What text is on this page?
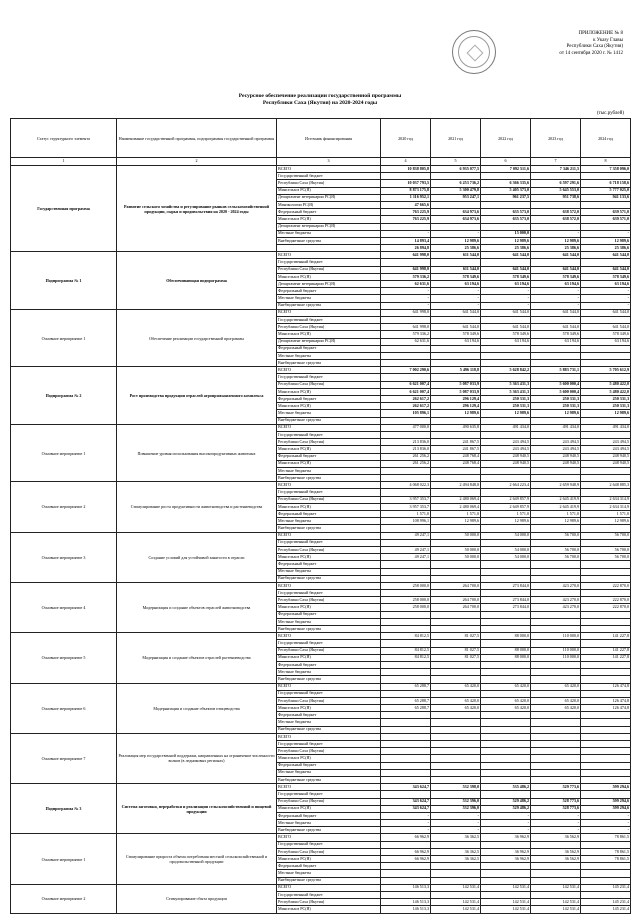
ПРИЛОЖЕНИЕ № 8
к Указу Главы
Республики Саха (Якутия)
от 14 сентября 2020 г. № 1412
Ресурсное обеспечение реализации государственной программы
Республики Саха (Якутия) на 2020-2024 годы
(тыс.рублей)
Статус структурного элемента	Наименование государственной программы, подпрограммы государственной программы	Источник финансирования	2020 год	2021 год	2022 год	2023 год	2024 год	
1	2	3	4	5	6	7	8	
Государственная программа	Развитие сельского хозяйства и регулирование рынков сельскохозяйственной продукции, сырья и продовольствия на 2020 - 2024 годы	ВСЕГО	10 838 805,8	6 935 077,5	7 092 511,6	7 346 211,5	7 358 096,0	
		Государственный бюджет						
		Республики Саха (Якутия)	10 037 793,5	6 253 736,2	6 366 335,6	6 597 291,6	6 718 158,6	
		Минсельхоз РС(Я)	8 873 175,8	5 300 479,8	5 405 373,0	5 645 553,0	5 777 025,0	
		Департамент ветеринарии РС(Я)	1 116 952,1	953 247,1	961 237,5	951 738,6	941 133,6	
		Минэкологии РС(Я)	47 665,6					
		Федеральный бюджет	763 225,9	634 973,6	635 573,0	638 572,0	639 571,0	
		Минсельхоз РС(Я)	763 225,9	634 973,6	635 573,0	638 572,0	639 571,0	
		Департамент ветеринарии РС(Я)						
		Местные бюджеты	-	-	15 000,0	-	-	
		Внебюджетные средства	14 893,4	12 989,6	12 989,6	12 989,6	12 989,6	
			26 894,8	25 386,6	25 386,6	25 386,6	25 386,6	
Подпрограмма № 1	Обеспечивающая подпрограмма	ВСЕГО	641 998,0	611 544,0	641 544,0	641 544,0	641 544,0	
		Государственный бюджет						
		Республики Саха (Якутия)	641 998,0	611 544,0	641 544,0	641 544,0	641 544,0	
		Минсельхоз РС(Я)	579 336,2	578 349,6	578 349,6	578 349,6	578 349,6	
		Департамент ветеринарии РС(Я)	62 631,6	63 194,6	63 194,6	63 194,6	63 194,6	
		Федеральный бюджет	-	-	-	-	-	
		Местные бюджеты	-	-	-	-	-	
		Внебюджетные средства	-	-	-	-	-	
Основное мероприятие 1	Обеспечение реализации государственной программы	ВСЕГО	641 998,0	641 544,0	641 544,0	641 544,0	641 544,0	
		Государственный бюджет						
		Республики Саха (Якутия)	641 998,0	641 544,0	641 544,0	641 544,0	641 544,0	
		Минсельхоз РС(Я)	579 336,2	578 349,6	578 349,6	578 349,6	578 349,6	
		Департамент ветеринарии РС(Я)	62 631,6	63 194,6	63 194,6	63 194,6	63 194,6	
		Федеральный бюджет						
		Местные бюджеты						
		Внебюджетные средства						
Подпрограмма № 2	Рост производства продукции отраслей агропромышленного комплекса	ВСЕГО	7 002 290,6	5 496 118,8	5 628 842,2	5 883 731,1	5 705 612,9	
		Государственный бюджет						
		Республики Саха (Якутия)	6 621 007,4	5 087 033,9	5 363 431,3	5 600 000,4	5 480 422,0	
		Минсельхоз РС(Я)	6 621 007,4	5 087 033,9	5 363 431,3	5 600 000,4	5 480 422,0	
		Федеральный бюджет	262 617,2	296 129,4	250 331,3	250 331,3	250 331,3	
		Минсельхоз РС(Я)	262 617,2	296 129,4	250 331,3	250 331,3	250 331,3	
		Местные бюджеты	105 896,1	12 989,6	12 989,6	12 989,6	12 989,6	
		Внебюджетные средства						
Основное мероприятие 1	Повышение уровня использования высокопродуктивных животных	ВСЕГО	477 000,0	490 635,8	491 434,0	491 434,0	491 434,0	
		Государственный бюджет						
		Республики Саха (Якутия)	213 836,0	241 867,5	243 494,5	243 494,5	243 494,5	
		Минсельхоз РС(Я)	213 836,0	241 867,5	243 494,5	243 494,5	243 494,5	
		Федеральный бюджет	261 256,2	248 768,4	248 940,5	248 940,5	248 940,5	
		Минсельхоз РС(Я)	261 256,2	248 768,4	248 940,5	248 940,5	248 940,5	
		Местные бюджеты						
		Внебюджетные средства						
Основное мероприятие 2	Стимулирование роста продуктивности животноводства и растениеводства	ВСЕГО	4 068 022,3	2 494 848,0	2 664 223,4	2 659 948,9	2 648 885,3	
		Государственный бюджет						
		Республики Саха (Якутия)	3 957 353,7	2 480 069,4	2 649 857,9	2 645 419,9	2 634 314,9	
		Минсельхоз РС(Я)	3 957 353,7	2 480 069,4	2 649 857,9	2 645 419,9	2 634 314,9	
		Федеральный бюджет	1 571,0	1 571,0	1 571,0	1 571,0	1 571,0	
		Местные бюджеты	108 996,1	12 989,6	12 989,6	12 989,6	12 989,6	
		Внебюджетные средства						
Основное мероприятие 3	Создание условий для устойчивой занятости в отрасли	ВСЕГО	49 247,1	50 000,0	54 000,0	56 700,0	56 700,0	
		Государственный бюджет						
		Республики Саха (Якутия)	49 247,1	50 000,0	54 000,0	56 700,0	56 700,0	
		Минсельхоз РС(Я)	49 247,1	50 000,0	54 000,0	56 700,0	56 700,0	
		Федеральный бюджет						
		Местные бюджеты						
		Внебюджетные средства						
Основное мероприятие 4	Модернизация и создание объектов отраслей животноводства	ВСЕГО	258 000,0	264 700,0	273 844,0	423 270,0	222 870,0	
		Государственный бюджет						
		Республики Саха (Якутия)	258 000,0	264 700,0	273 844,0	423 270,0	222 870,0	
		Минсельхоз РС(Я)	258 000,0	264 700,0	273 844,0	423 270,0	222 870,0	
		Федеральный бюджет						
		Местные бюджеты						
		Внебюджетные средства						
Основное мероприятие 5	Модернизация и создание объектов отраслей растениеводства	ВСЕГО	84 812,5	81 027,5	88 000,0	110 000,0	141 227,8	
		Государственный бюджет						
		Республики Саха (Якутия)	84 812,5	81 027,5	88 000,0	110 000,0	141 227,8	
		Минсельхоз РС(Я)	84 812,5	81 027,5	88 000,0	110 000,0	141 227,8	
		Федеральный бюджет						
		Местные бюджеты						
		Внебюджетные средства						
Основное мероприятие 6	Модернизация и создание объектов птицеводства	ВСЕГО	65 288,7	65 420,0	65 420,0	65 420,0	126 474,8	
		Государственный бюджет						
		Республики Саха (Якутия)	65 288,7	65 420,0	65 420,0	65 420,0	126 474,8	
		Минсельхоз РС(Я)	65 288,7	65 420,0	65 420,0	65 420,0	126 474,8	
		Федеральный бюджет						
		Местные бюджеты						
		Внебюджетные средства						
Основное мероприятие 7	Реализация мер государственной поддержки, направленных на ограничение численности волков (в ледниковых регионах)	ВСЕГО						
		Государственный бюджет						
		Республики Саха (Якутия)						
		Минсельхоз РС(Я)						
		Федеральный бюджет						
		Местные бюджеты						
		Внебюджетные средства						
Подпрограмма № 3	Система заготовки, переработки и реализации сельскохозяйственной и пищевой продукции	ВСЕГО	343 624,7	532 398,0	535 486,2	529 773,6	599 294,6	
		Государственный бюджет						
		Республики Саха (Якутия)	343 624,7	532 396,0	529 486,2	528 773,6	599 294,6	
		Минсельхоз РС(Я)	343 624,7	532 396,0	529 486,2	528 773,6	599 294,6	
		Федеральный бюджет	-	-	-	-	-	
		Местные бюджеты	-	-	-	-	-	
		Внебюджетные средства	-	-	-	-	-	
Основное мероприятие 1	Стимулирование прироста объема потребления местной сельскохозяйственной и продовольственной продукции	ВСЕГО	66 962,9	36 362,5	36 962,9	36 562,9	78 861,5	
		Государственный бюджет						
		Республики Саха (Якутия)	66 962,9	36 362,5	36 962,9	36 562,9	78 861,5	
		Минсельхоз РС(Я)	66 962,9	36 362,5	36 962,9	36 562,9	78 861,5	
		Федеральный бюджет						
		Местные бюджеты						
		Внебюджетные средства						
Основное мероприятие 2	Стимулирование сбыта продукции	ВСЕГО	146 513,3	142 531,4	142 531,4	142 531,4	145 231,4	
		Государственный бюджет						
		Республики Саха (Якутия)	146 513,3	142 531,4	142 531,4	142 531,4	145 231,4	
		Минсельхоз РС(Я)	146 513,3	142 531,4	142 531,4	142 531,4	145 231,4	
